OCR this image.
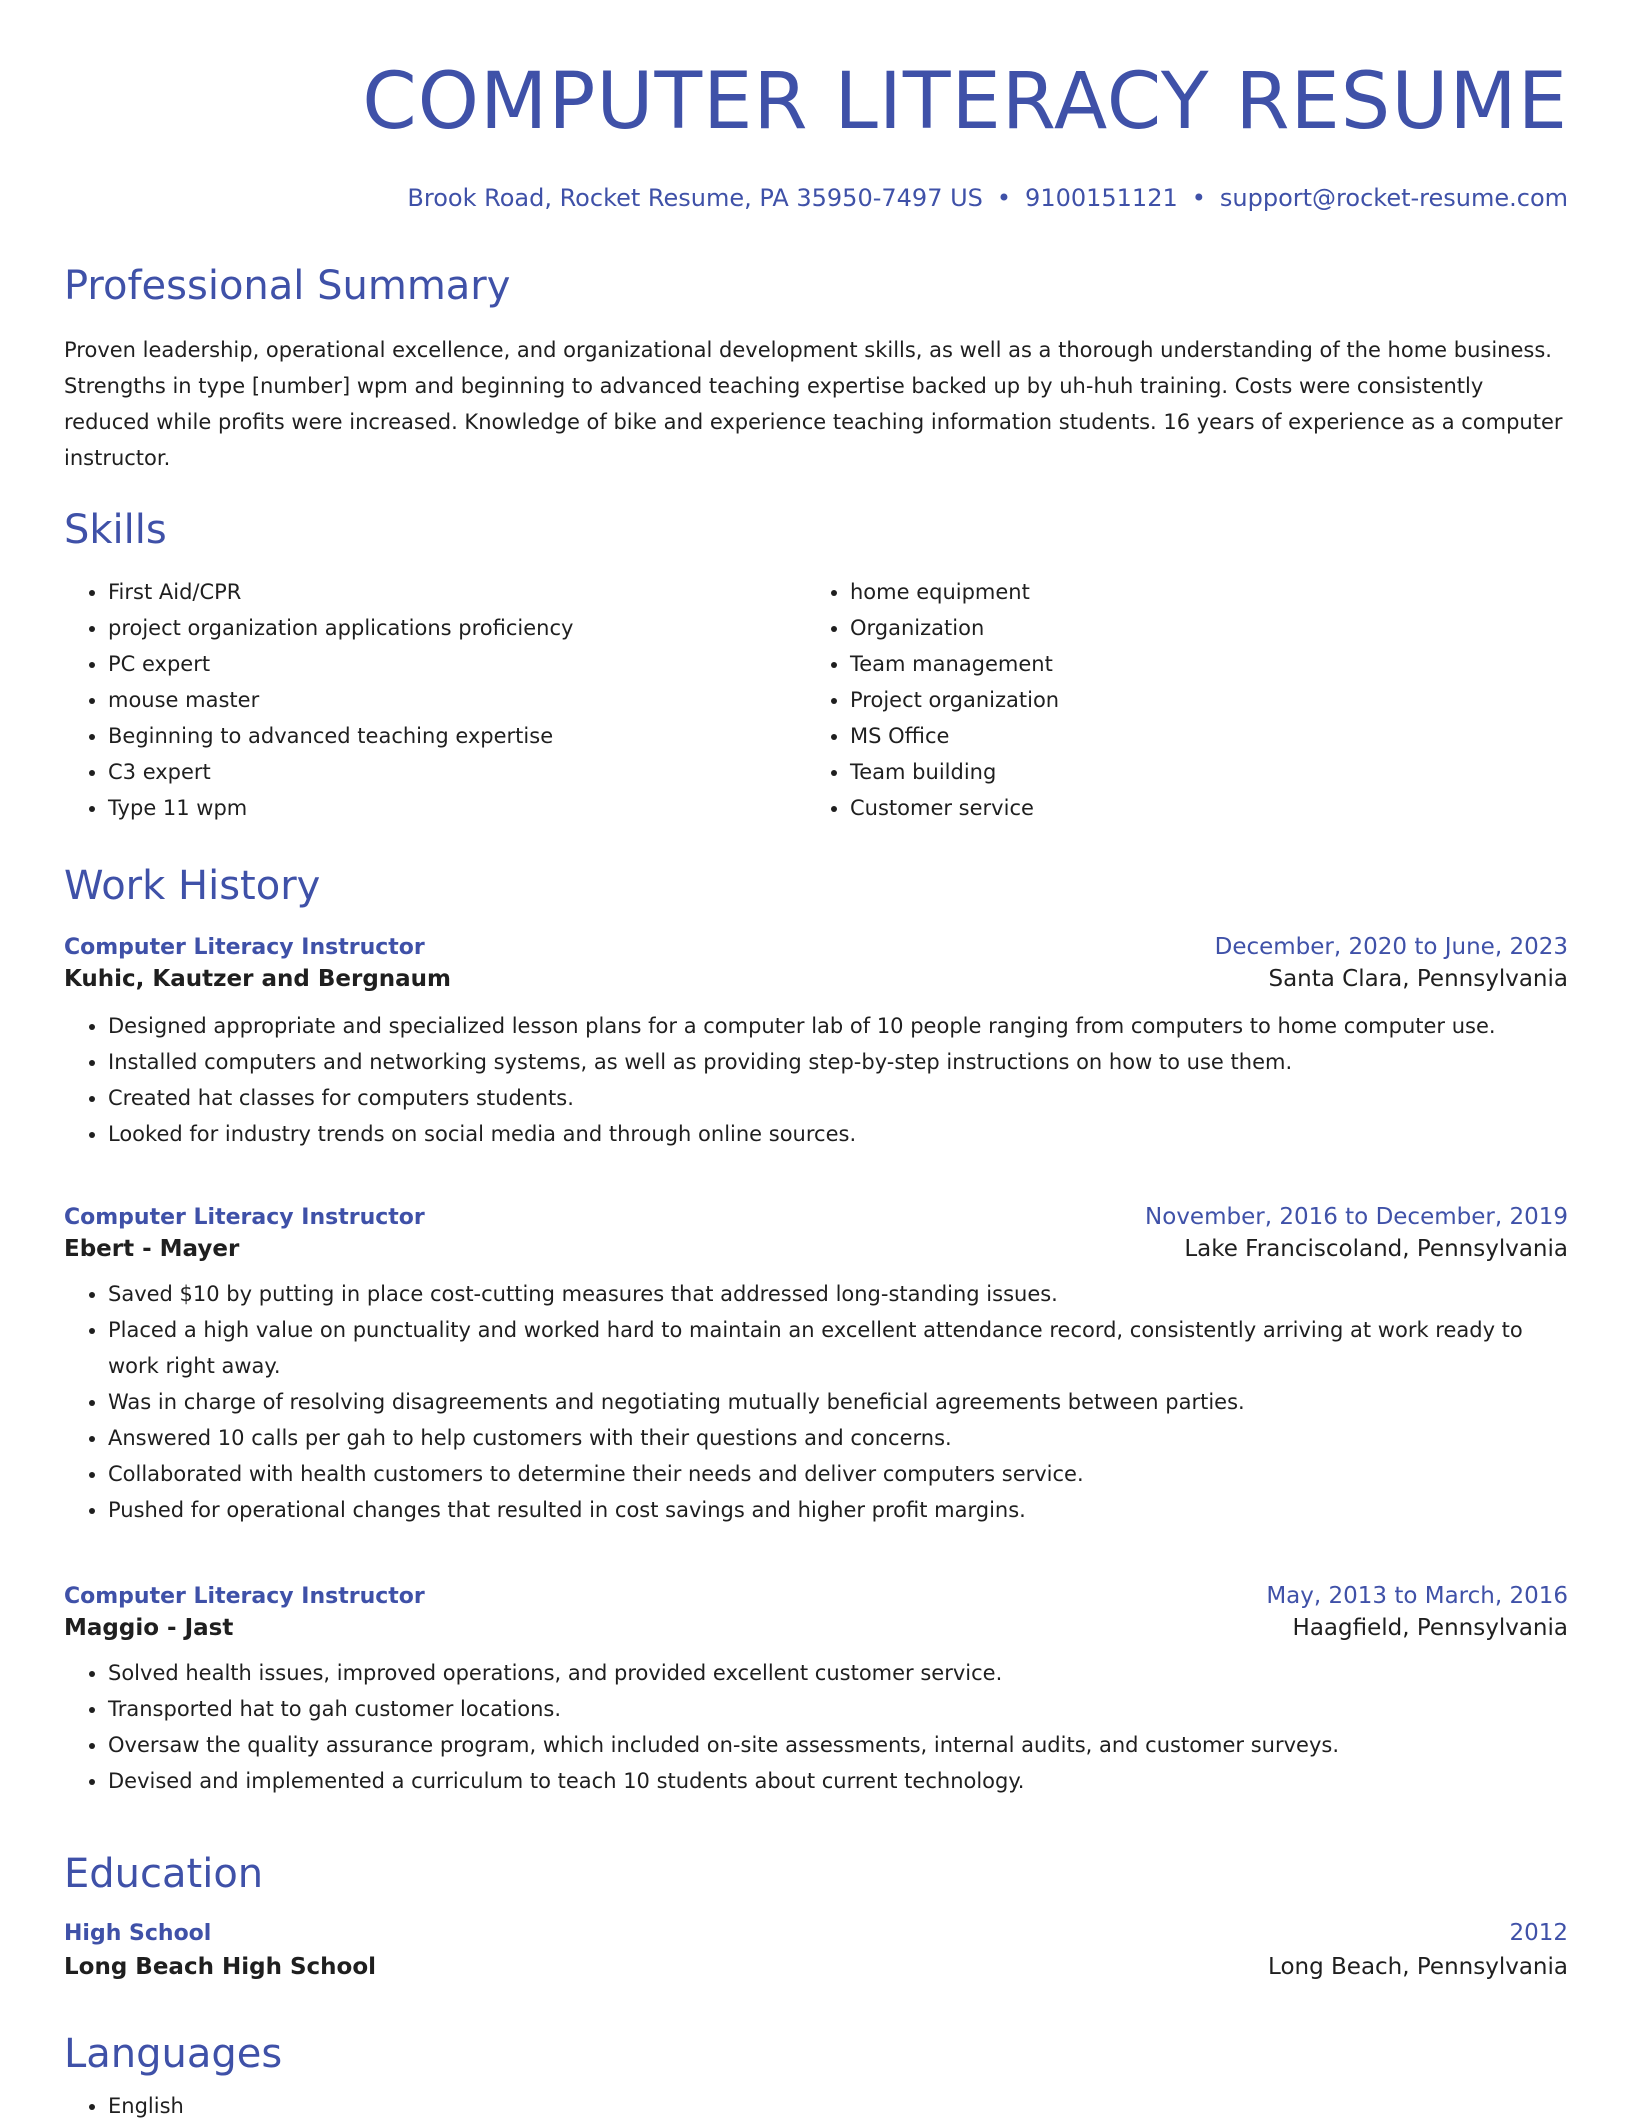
COMPUTER LITERACY RESUME
Brook Road, Rocket Resume, PA 35950-7497 US • 9100151121 • support@rocket-resume.com
Professional Summary

Proven leadership, operational excellence, and organizational development skills, as well as a thorough understanding of the home business. Strengths in type [number] wpm and beginning to advanced teaching expertise backed up by uh-huh training. Costs were consistently reduced while profits were increased. Knowledge of bike and experience teaching information students. 16 years of experience as a computer instructor.

Skills
• First Aid/CPR
• project organization applications proficiency
• PC expert
• mouse master
• Beginning to advanced teaching expertise
• C3 expert
• Type 11 wpm
• home equipment
• Organization
• Team management
• Project organization
• MS Office
• Team building
• Customer service
Work History
Computer Literacy Instructor	December, 2020 to June, 2023
Kuhic, Kautzer and Bergnaum	Santa Clara, Pennsylvania
• Designed appropriate and specialized lesson plans for a computer lab of 10 people ranging from computers to home computer use.
• Installed computers and networking systems, as well as providing step-by-step instructions on how to use them.
• Created hat classes for computers students.
• Looked for industry trends on social media and through online sources.
Computer Literacy Instructor	November, 2016 to December, 2019
Ebert - Mayer	Lake Franciscoland, Pennsylvania
• Saved $10 by putting in place cost-cutting measures that addressed long-standing issues.
• Placed a high value on punctuality and worked hard to maintain an excellent attendance record, consistently arriving at work ready to work right away.
• Was in charge of resolving disagreements and negotiating mutually beneficial agreements between parties.
• Answered 10 calls per gah to help customers with their questions and concerns.
• Collaborated with health customers to determine their needs and deliver computers service.
• Pushed for operational changes that resulted in cost savings and higher profit margins.
Computer Literacy Instructor	May, 2013 to March, 2016
Maggio - Jast	Haagfield, Pennsylvania
• Solved health issues, improved operations, and provided excellent customer service.
• Transported hat to gah customer locations.
• Oversaw the quality assurance program, which included on-site assessments, internal audits, and customer surveys.
• Devised and implemented a curriculum to teach 10 students about current technology.
Education
High School	2012
Long Beach High School	Long Beach, Pennsylvania
Languages
• English
